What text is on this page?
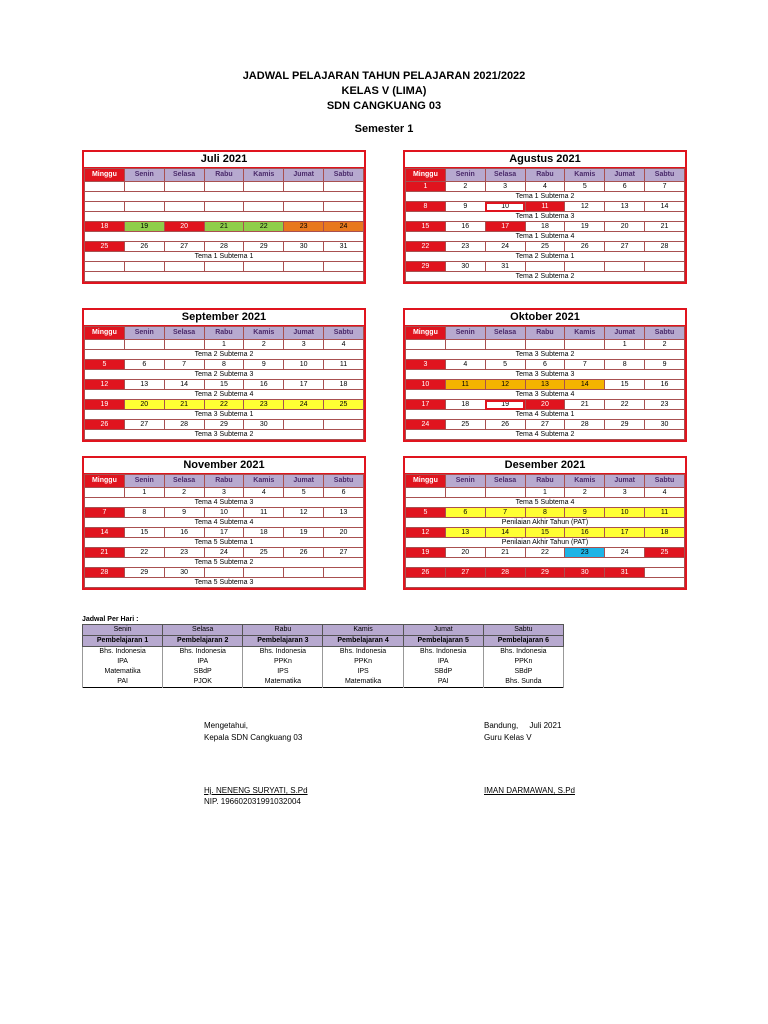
JADWAL PELAJARAN TAHUN PELAJARAN 2021/2022
KELAS V (LIMA)
SDN CANGKUANG 03
Semester 1
Juli 2021
Minggu	Senin	Selasa	Rabu	Kamis	Jumat	Sabtu

18	19	20	21	22	23	24

25	26	27	28	29	30	31
Tema 1 Subtema 1						

Agustus 2021
Minggu	Senin	Selasa	Rabu	Kamis	Jumat	Sabtu
1	2	3	4	5	6	7
Tema 1 Subtema 2						
8	9	10	11	12	13	14
Tema 1 Subtema 3						
15	16	17	18	19	20	21
Tema 1 Subtema 4						
22	23	24	25	26	27	28
Tema 2 Subtema 1						
29	30	31				
Tema 2 Subtema 2						
September 2021
Minggu	Senin	Selasa	Rabu	Kamis	Jumat	Sabtu
			1	2	3	4
Tema 2 Subtema 2						
5	6	7	8	9	10	11
Tema 2 Subtema 3						
12	13	14	15	16	17	18
Tema 2 Subtema 4						
19	20	21	22	23	24	25
Tema 3 Subtema 1						
26	27	28	29	30		
Tema 3 Subtema 2						
Oktober 2021
Minggu	Senin	Selasa	Rabu	Kamis	Jumat	Sabtu
					1	2
Tema 3 Subtema 2						
3	4	5	6	7	8	9
Tema 3 Subtema 3						
10	11	12	13	14	15	16
Tema 3 Subtema 4						
17	18	19	20	21	22	23
Tema 4 Subtema 1						
24	25	26	27	28	29	30
Tema 4 Subtema 2						
November 2021
Minggu	Senin	Selasa	Rabu	Kamis	Jumat	Sabtu
	1	2	3	4	5	6
Tema 4 Subtema 3						
7	8	9	10	11	12	13
Tema 4 Subtema 4						
14	15	16	17	18	19	20
Tema 5 Subtema 1						
21	22	23	24	25	26	27
Tema 5 Subtema 2						
28	29	30				
Tema 5 Subtema 3						
Desember 2021
Minggu	Senin	Selasa	Rabu	Kamis	Jumat	Sabtu
			1	2	3	4
Tema 5 Subtema 4						
5	6	7	8	9	10	11
Penilaian Akhir Tahun (PAT)						
12	13	14	15	16	17	18
Penilaian Akhir Tahun (PAT)						
19	20	21	22	23	24	25

26	27	28	29	30	31	

Jadwal Per Hari :
Senin	Selasa	Rabu	Kamis	Jumat	Sabtu
Pembelajaran 1	Pembelajaran 2	Pembelajaran 3	Pembelajaran 4	Pembelajaran 5	Pembelajaran 6
Bhs. Indonesia	Bhs. Indonesia	Bhs. Indonesia	Bhs. Indonesia	Bhs. Indonesia	Bhs. Indonesia
IPA	IPA	PPKn	PPKn	IPA	PPKn
Matematika	SBdP	IPS	IPS	SBdP	SBdP
PAI	PJOK	Matematika	Matematika	PAI	Bhs. Sunda
Mengetahui,
Kepala SDN Cangkuang 03
Hj. NENENG SURYATI, S.Pd
NIP. 196602031991032004
Bandung,     Juli 2021
Guru Kelas V
IMAN DARMAWAN, S.Pd
